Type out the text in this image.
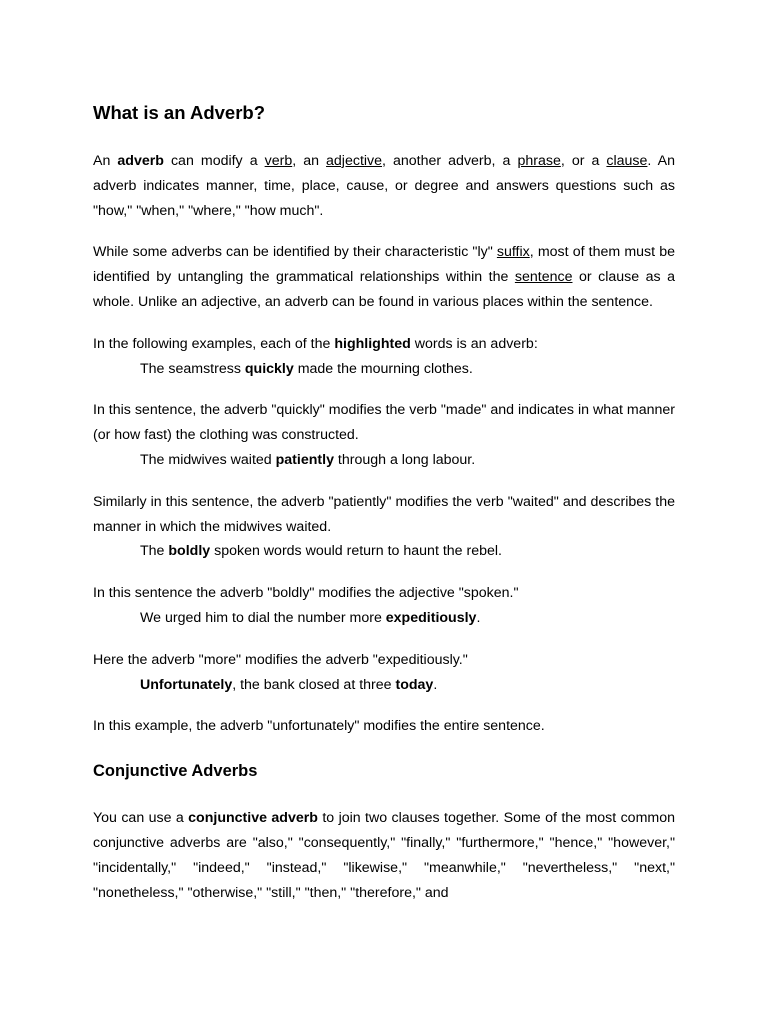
What is an Adverb?

An adverb can modify a verb, an adjective, another adverb, a phrase, or a clause. An adverb indicates manner, time, place, cause, or degree and answers questions such as "how," "when," "where," "how much".

While some adverbs can be identified by their characteristic "ly" suffix, most of them must be identified by untangling the grammatical relationships within the sentence or clause as a whole. Unlike an adjective, an adverb can be found in various places within the sentence.

In the following examples, each of the highlighted words is an adverb:

The seamstress quickly made the mourning clothes.

In this sentence, the adverb "quickly" modifies the verb "made" and indicates in what manner (or how fast) the clothing was constructed.

The midwives waited patiently through a long labour.

Similarly in this sentence, the adverb "patiently" modifies the verb "waited" and describes the manner in which the midwives waited.

The boldly spoken words would return to haunt the rebel.

In this sentence the adverb "boldly" modifies the adjective "spoken."

We urged him to dial the number more expeditiously.

Here the adverb "more" modifies the adverb "expeditiously."

Unfortunately, the bank closed at three today.

In this example, the adverb "unfortunately" modifies the entire sentence.

Conjunctive Adverbs

You can use a conjunctive adverb to join two clauses together. Some of the most common conjunctive adverbs are "also," "consequently," "finally," "furthermore," "hence," "however," "incidentally," "indeed," "instead," "likewise," "meanwhile," "nevertheless," "next," "nonetheless," "otherwise," "still," "then," "therefore," and
